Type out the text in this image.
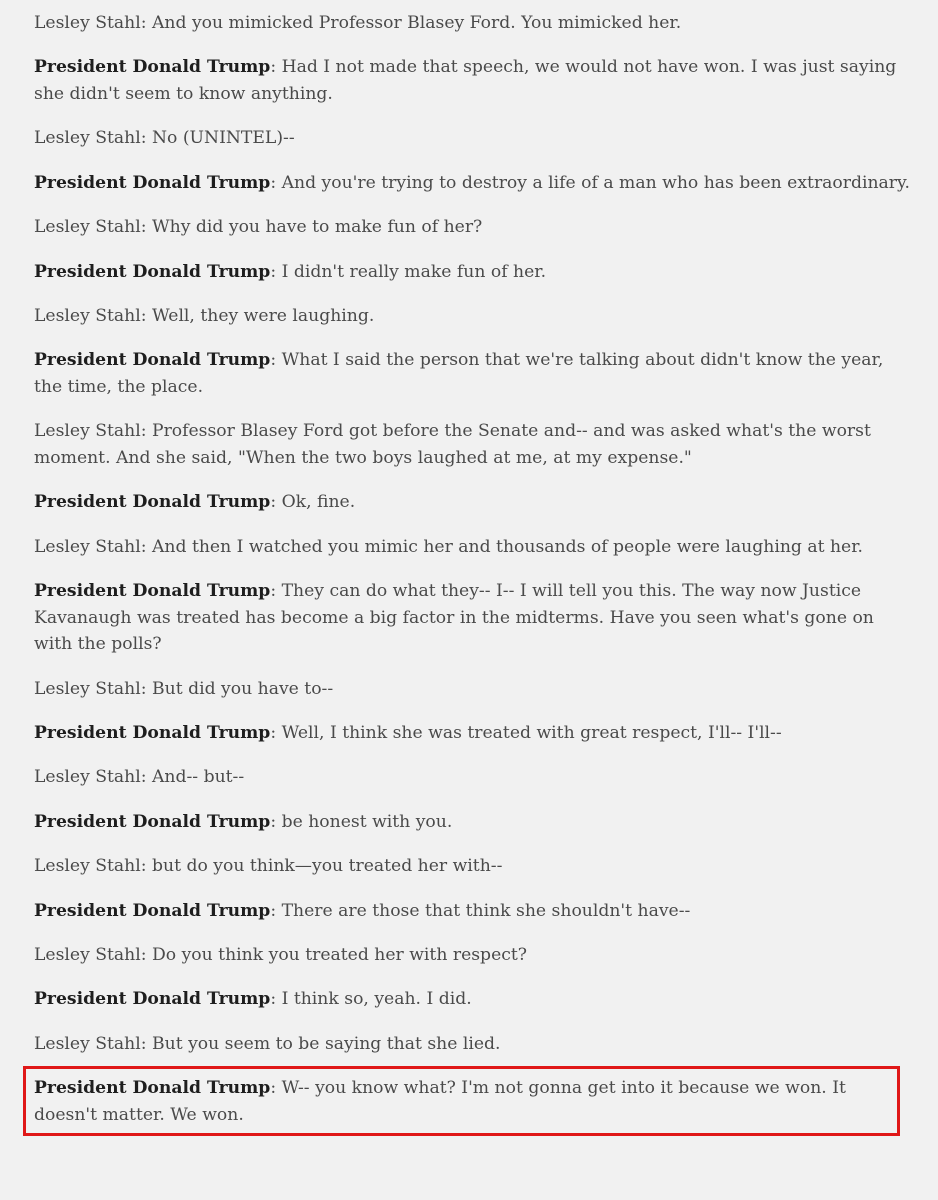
Lesley Stahl: And you mimicked Professor Blasey Ford. You mimicked her.

President Donald Trump: Had I not made that speech, we would not have won. I was just saying she didn't seem to know anything.

Lesley Stahl: No (UNINTEL)--

President Donald Trump: And you're trying to destroy a life of a man who has been extraordinary.

Lesley Stahl: Why did you have to make fun of her?

President Donald Trump: I didn't really make fun of her.

Lesley Stahl: Well, they were laughing.

President Donald Trump: What I said the person that we're talking about didn't know the year, the time, the place.

Lesley Stahl: Professor Blasey Ford got before the Senate and-- and was asked what's the worst moment. And she said, "When the two boys laughed at me, at my expense."

President Donald Trump: Ok, fine.

Lesley Stahl: And then I watched you mimic her and thousands of people were laughing at her.

President Donald Trump: They can do what they-- I-- I will tell you this. The way now Justice Kavanaugh was treated has become a big factor in the midterms. Have you seen what's gone on with the polls?

Lesley Stahl: But did you have to--

President Donald Trump: Well, I think she was treated with great respect, I'll-- I'll--

Lesley Stahl: And-- but--

President Donald Trump: be honest with you.

Lesley Stahl: but do you think—you treated her with--

President Donald Trump: There are those that think she shouldn't have--

Lesley Stahl: Do you think you treated her with respect?

President Donald Trump: I think so, yeah. I did.

Lesley Stahl: But you seem to be saying that she lied.

President Donald Trump: W-- you know what? I'm not gonna get into it because we won. It doesn't matter. We won.
